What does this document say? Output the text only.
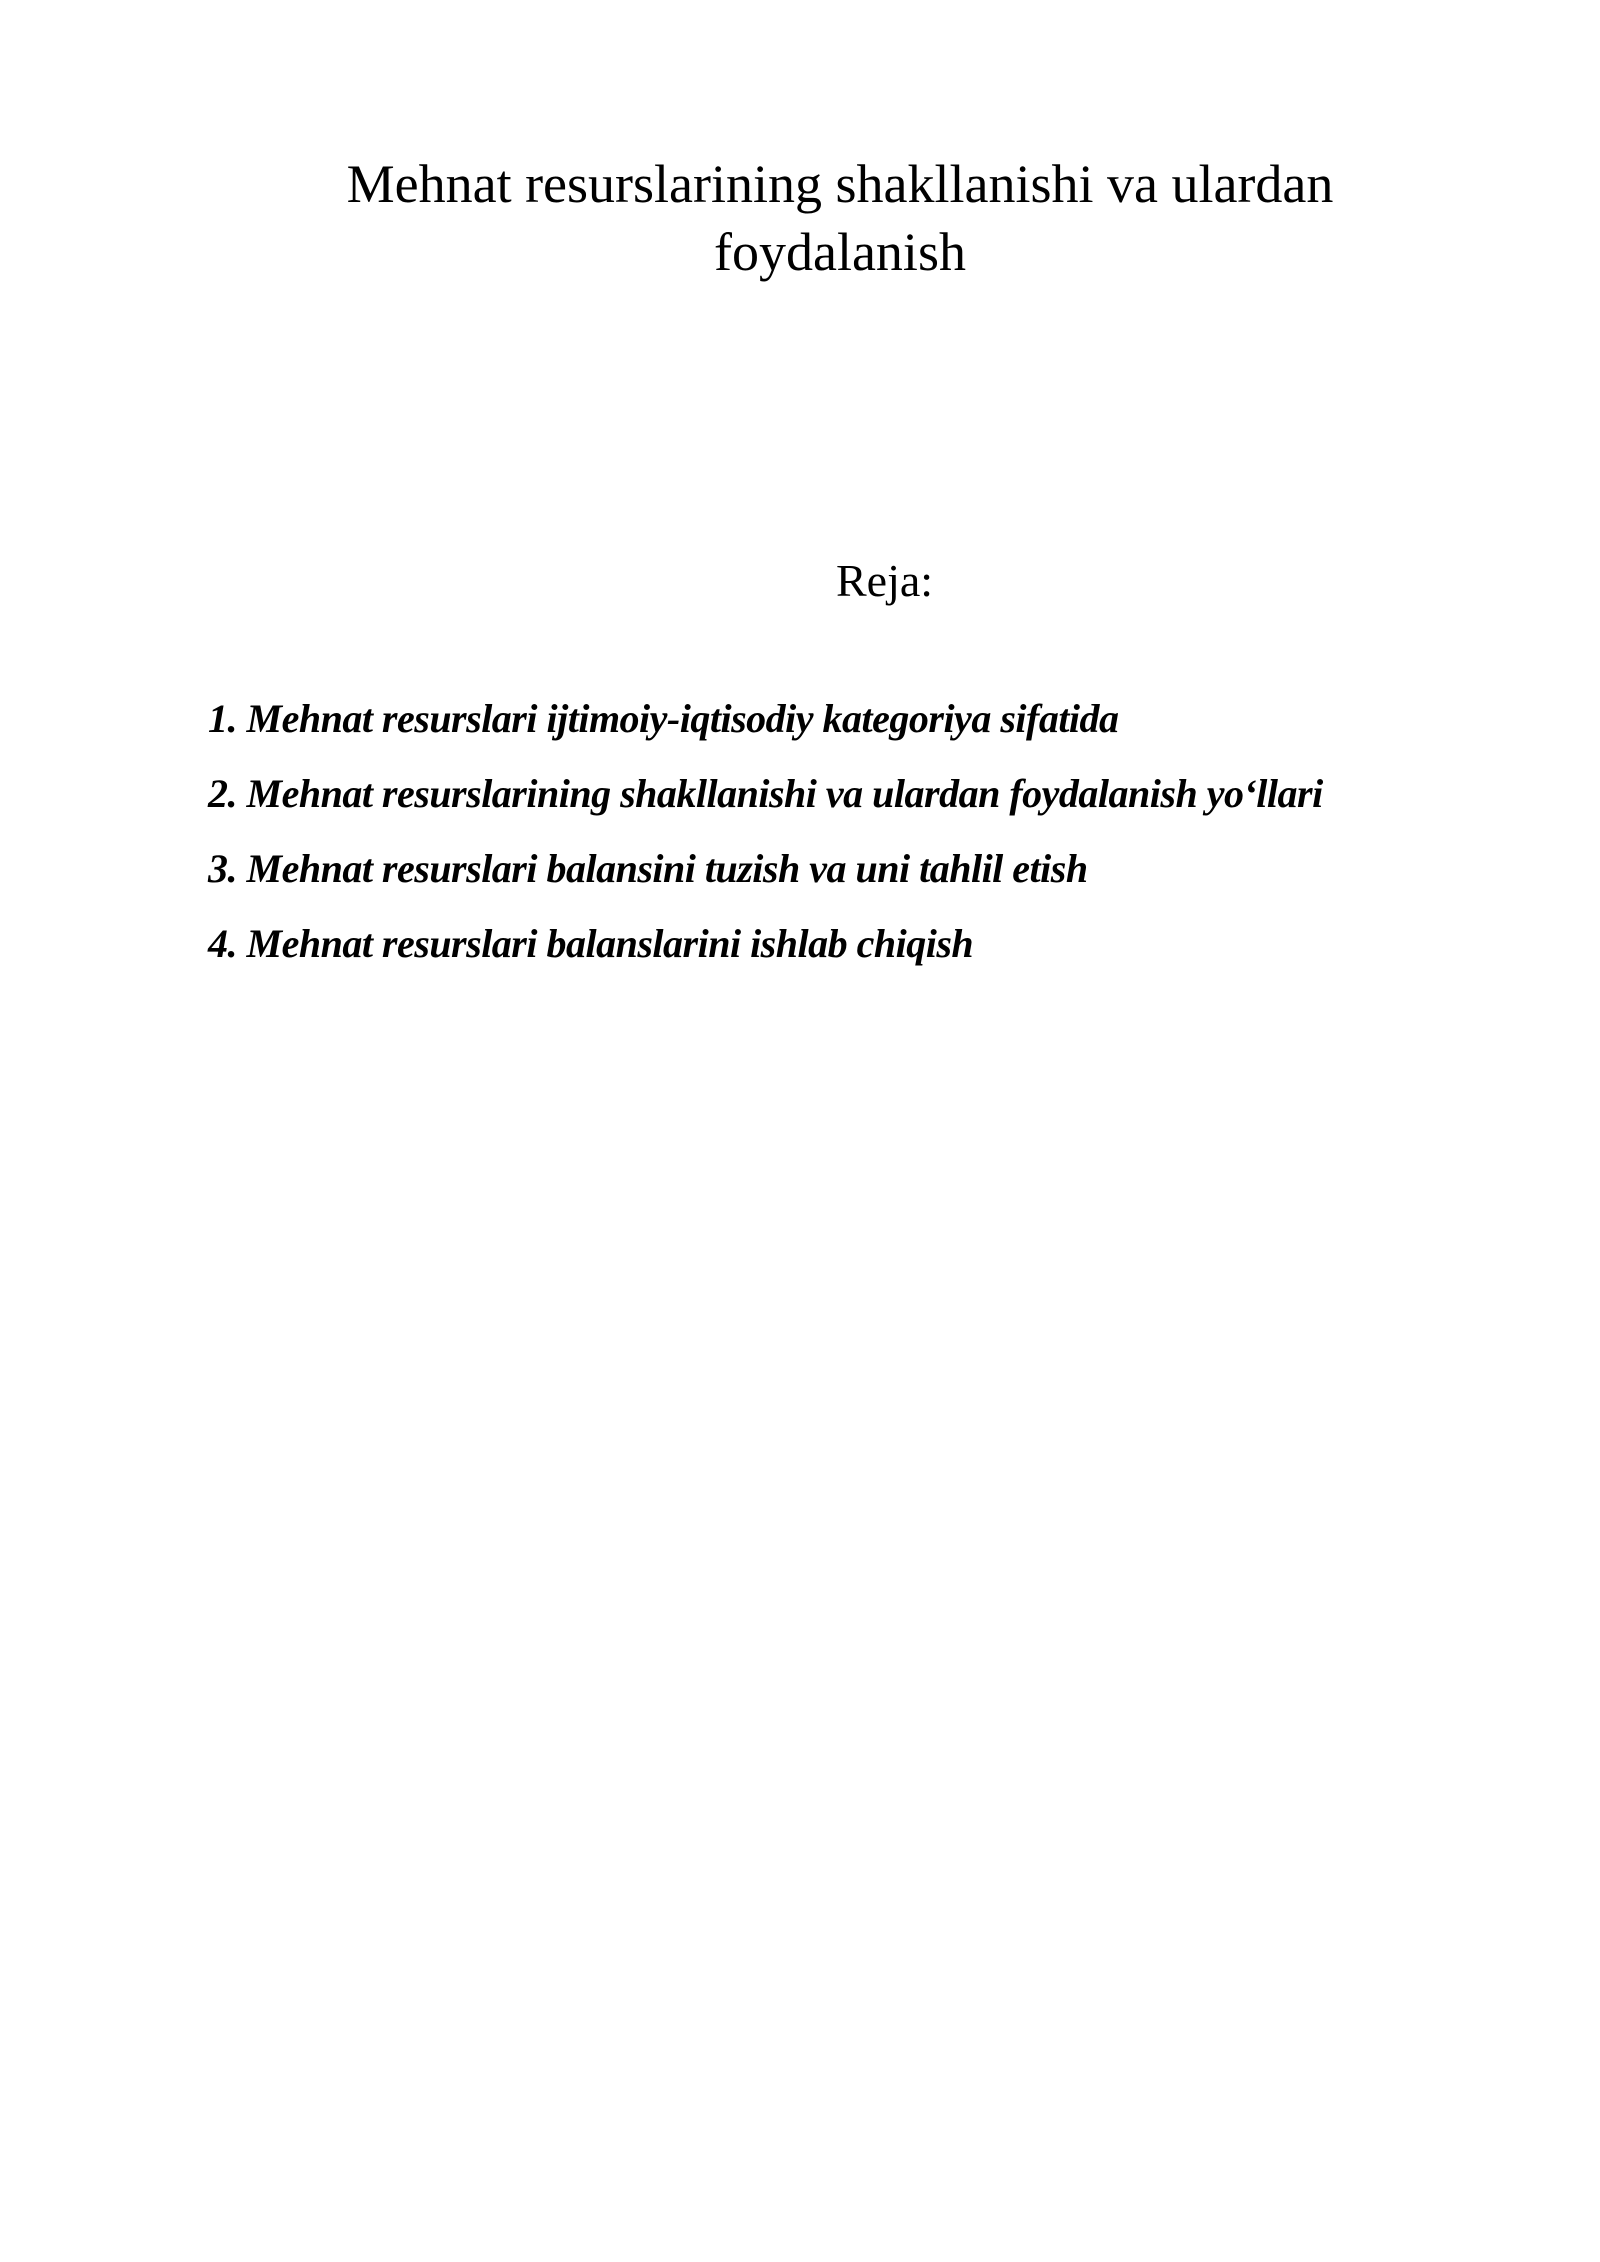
Mehnat resurslarining shakllanishi va ulardan
foydalanish

Reja:

1. Mehnat resurslari ijtimoiy-iqtisodiy kategoriya sifatida
2. Mehnat resurslarining shakllanishi va ulardan foydalanish yo‘llari
3. Mehnat resurslari balansini tuzish va uni tahlil etish
4. Mehnat resurslari balanslarini ishlab chiqish
